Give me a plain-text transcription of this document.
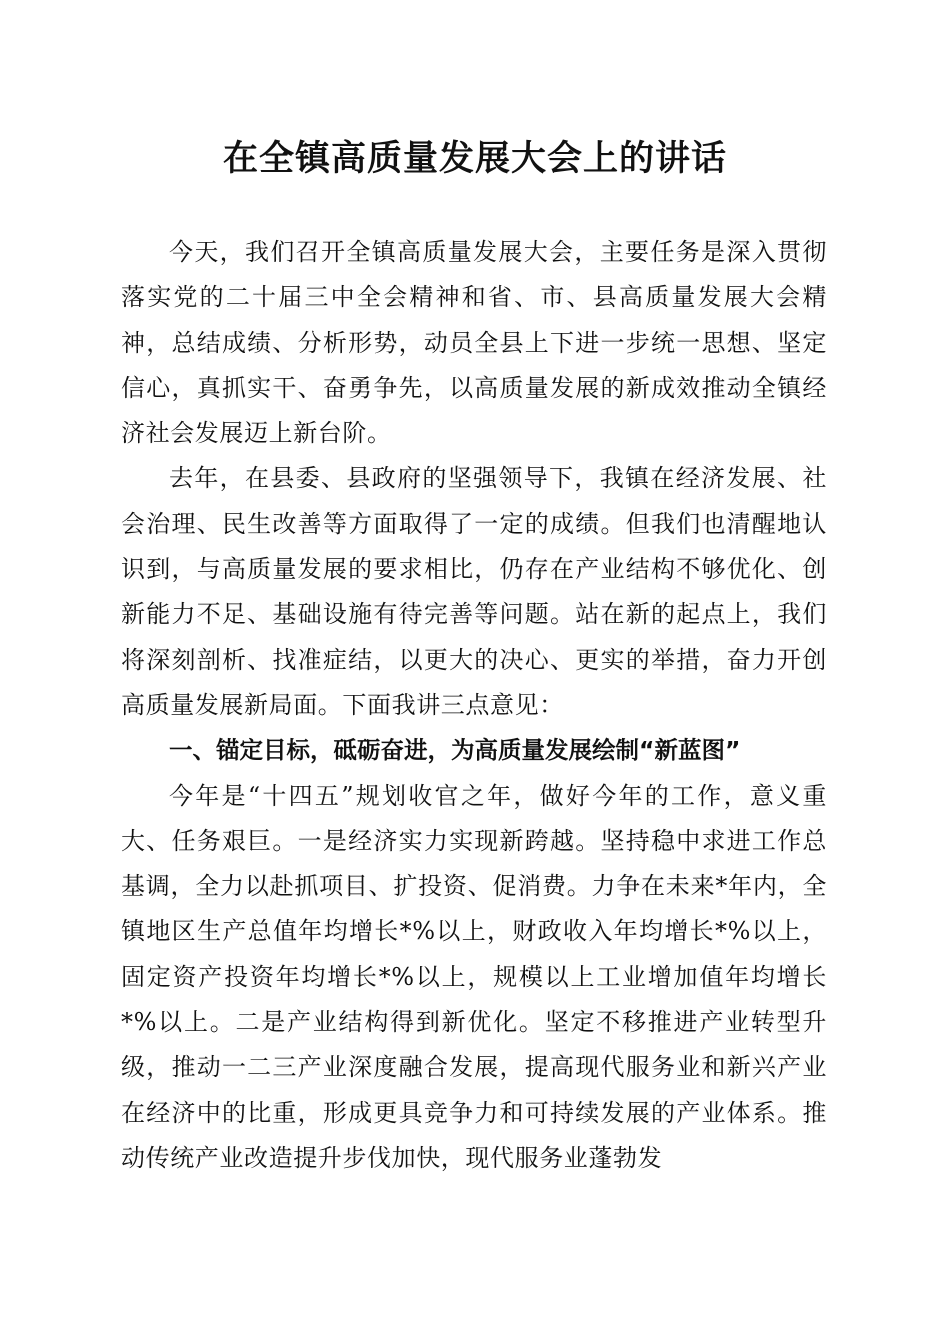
在全镇高质量发展大会上的讲话

今天，我们召开全镇高质量发展大会，主要任务是深入贯彻落实党的二十届三中全会精神和省、市、县高质量发展大会精神，总结成绩、分析形势，动员全县上下进一步统一思想、坚定信心，真抓实干、奋勇争先，以高质量发展的新成效推动全镇经济社会发展迈上新台阶。

去年，在县委、县政府的坚强领导下，我镇在经济发展、社会治理、民生改善等方面取得了一定的成绩。但我们也清醒地认识到，与高质量发展的要求相比，仍存在产业结构不够优化、创新能力不足、基础设施有待完善等问题。站在新的起点上，我们将深刻剖析、找准症结，以更大的决心、更实的举措，奋力开创高质量发展新局面。下面我讲三点意见：

一、锚定目标，砥砺奋进，为高质量发展绘制“新蓝图”

今年是“十四五”规划收官之年，做好今年的工作，意义重大、任务艰巨。一是经济实力实现新跨越。坚持稳中求进工作总基调，全力以赴抓项目、扩投资、促消费。力争在未来*年内，全镇地区生产总值年均增长*%以上，财政收入年均增长*%以上，固定资产投资年均增长*%以上，规模以上工业增加值年均增长*%以上。二是产业结构得到新优化。坚定不移推进产业转型升级，推动一二三产业深度融合发展，提高现代服务业和新兴产业在经济中的比重，形成更具竞争力和可持续发展的产业体系。推动传统产业改造提升步伐加快，现代服务业蓬勃发
